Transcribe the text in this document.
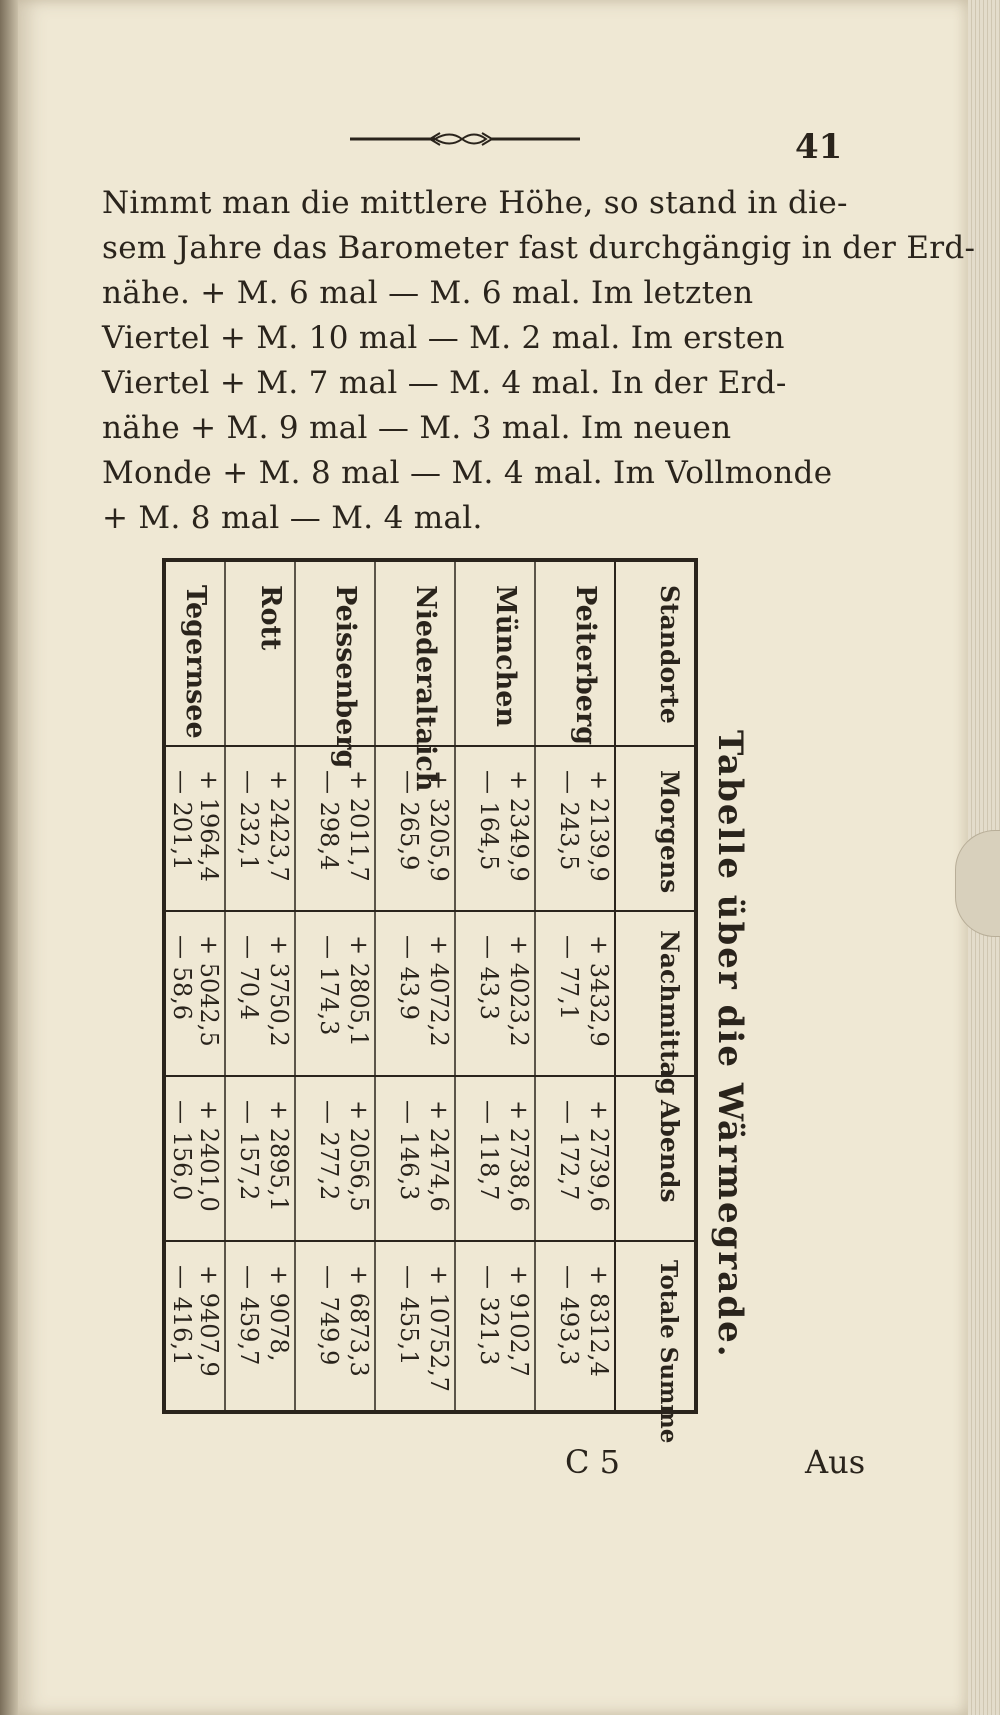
41
Nimmt man die mittlere Höhe, so stand in die-
sem Jahre das Barometer fast durchgängig in der Erd-
nähe. + M. 6 mal — M. 6 mal. Im letzten
Viertel + M. 10 mal — M. 2 mal. Im ersten
Viertel + M. 7 mal — M. 4 mal. In der Erd-
nähe + M. 9 mal — M. 3 mal. Im neuen
Monde + M. 8 mal — M. 4 mal. Im Vollmonde
+ M. 8 mal — M. 4 mal.
Tabelle über die Wärmegrade.
Standorte
Morgens
Nachmittag
Abends
Totale Summe
Peiterberg
+ 2139,9
— 243,5
+ 3432,9
— 77,1
+ 2739,6
— 172,7
+ 8312,4
— 493,3
München
+ 2349,9
— 164,5
+ 4023,2
— 43,3
+ 2738,6
— 118,7
+ 9102,7
— 321,3
Niederaltaich
+ 3205,9
— 265,9
+ 4072,2
— 43,9
+ 2474,6
— 146,3
+ 10752,7
— 455,1
Peissenberg
+ 2011,7
— 298,4
+ 2805,1
— 174,3
+ 2056,5
— 277,2
+ 6873,3
— 749,9
Rott
+ 2423,7
— 232,1
+ 3750,2
— 70,4
+ 2895,1
— 157,2
+ 9078,
— 459,7
Tegernsee
+ 1964,4
— 201,1
+ 5042,5
— 58,6
+ 2401,0
— 156,0
+ 9407,9
— 416,1
C 5	Aus
